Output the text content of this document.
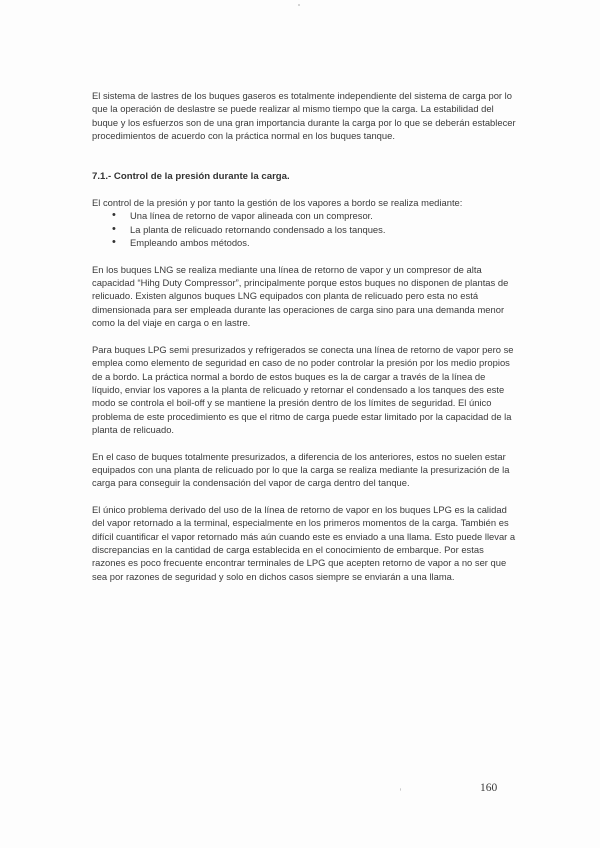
El sistema de lastres de los buques gaseros es totalmente independiente del sistema de carga por lo que la operación de deslastre se puede realizar al mismo tiempo que la carga. La estabilidad del buque y los esfuerzos son de una gran importancia durante la carga por lo que se deberán establecer procedimientos de acuerdo con la práctica normal en los buques tanque.

7.1.- Control de la presión durante la carga.

El control de la presión y por tanto la gestión de los vapores a bordo se realiza mediante:

• Una línea de retorno de vapor alineada con un compresor.
• La planta de relicuado retornando condensado a los tanques.
• Empleando ambos métodos.

En los buques LNG se realiza mediante una línea de retorno de vapor y un compresor de alta capacidad “Hihg Duty Compressor”, principalmente porque estos buques no disponen de plantas de relicuado. Existen algunos buques LNG equipados con planta de relicuado pero esta no está dimensionada para ser empleada durante las operaciones de carga sino para una demanda menor como la del viaje en carga o en lastre.

Para buques LPG semi presurizados y refrigerados se conecta una línea de retorno de vapor pero se emplea como elemento de seguridad en caso de no poder controlar la presión por los medio propios de a bordo. La práctica normal a bordo de estos buques es la de cargar a través de la línea de líquido, enviar los vapores a la planta de relicuado y retornar el condensado a los tanques des este modo se controla el boil-off y se mantiene la presión dentro de los límites de seguridad. El único problema de este procedimiento es que el ritmo de carga puede estar limitado por la capacidad de la planta de relicuado.

En el caso de buques totalmente presurizados, a diferencia de los anteriores, estos no suelen estar equipados con una planta de relicuado por lo que la carga se realiza mediante la presurización de la carga para conseguir la condensación del vapor de carga dentro del tanque.

El único problema derivado del uso de la línea de retorno de vapor en los buques LPG es la calidad del vapor retornado a la terminal, especialmente en los primeros momentos de la carga. También es difícil cuantificar el vapor retornado más aún cuando este es enviado a una llama. Esto puede llevar a discrepancias en la cantidad de carga establecida en el conocimiento de embarque. Por estas razones es poco frecuente encontrar terminales de LPG que acepten retorno de vapor a no ser que sea por razones de seguridad y solo en dichos casos siempre se enviarán a una llama.

160
